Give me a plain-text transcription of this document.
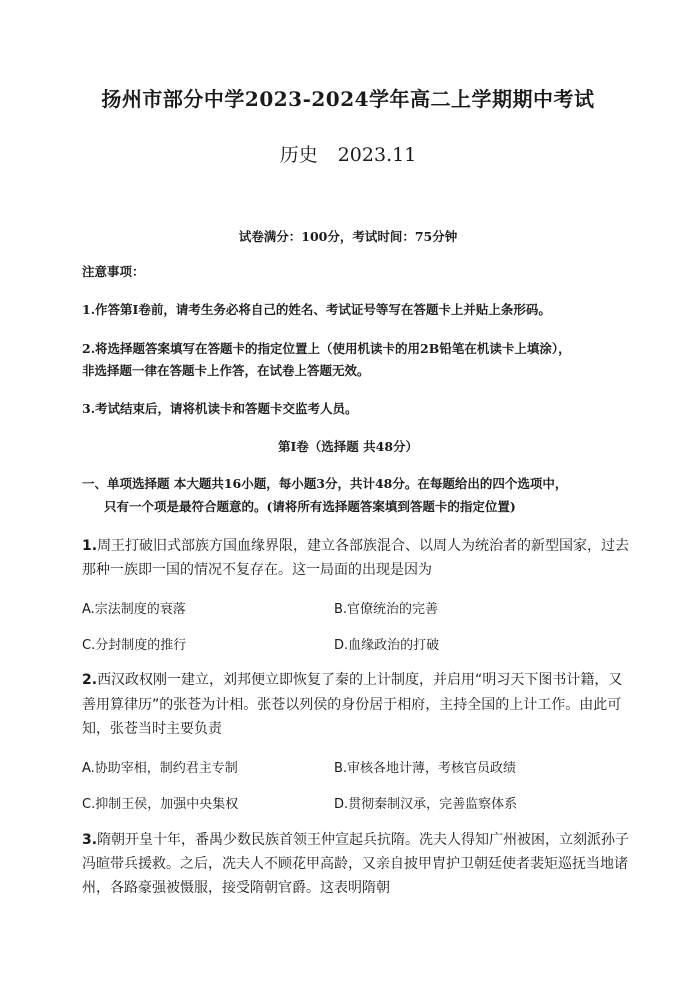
扬州市部分中学2023-2024学年高二上学期期中考试
历史 2023.11
试卷满分：100分，考试时间：75分钟
注意事项：
1.作答第Ⅰ卷前，请考生务必将自己的姓名、考试证号等写在答题卡上并贴上条形码。
2.将选择题答案填写在答题卡的指定位置上（使用机读卡的用2B铅笔在机读卡上填涂），
非选择题一律在答题卡上作答，在试卷上答题无效。
3.考试结束后，请将机读卡和答题卡交监考人员。
第Ⅰ卷（选择题 共48分）
一、单项选择题 本大题共16小题，每小题3分，共计48分。在每题给出的四个选项中，
只有一个项是最符合题意的。(请将所有选择题答案填到答题卡的指定位置)
1.周王打破旧式部族方国血缘界限，建立各部族混合、以周人为统治者的新型国家，过去
那种一族即一国的情况不复存在。这一局面的出现是因为
A.宗法制度的衰落	B.官僚统治的完善
C.分封制度的推行	D.血缘政治的打破
2.西汉政权刚一建立，刘邦便立即恢复了秦的上计制度，并启用“明习天下图书计籍，又
善用算律历”的张苍为计相。张苍以列侯的身份居于相府，主持全国的上计工作。由此可
知，张苍当时主要负责
A.协助宰相，制约君主专制	B.审核各地计薄，考核官员政绩
C.抑制王侯，加强中央集权	D.贯彻秦制汉承，完善监察体系
3.隋朝开皇十年，番禺少数民族首领王仲宣起兵抗隋。冼夫人得知广州被困，立刻派孙子
冯暄带兵援救。之后，冼夫人不顾花甲高龄，又亲自披甲胄护卫朝廷使者裴矩巡抚当地诸
州，各路豪强被慑服，接受隋朝官爵。这表明隋朝
